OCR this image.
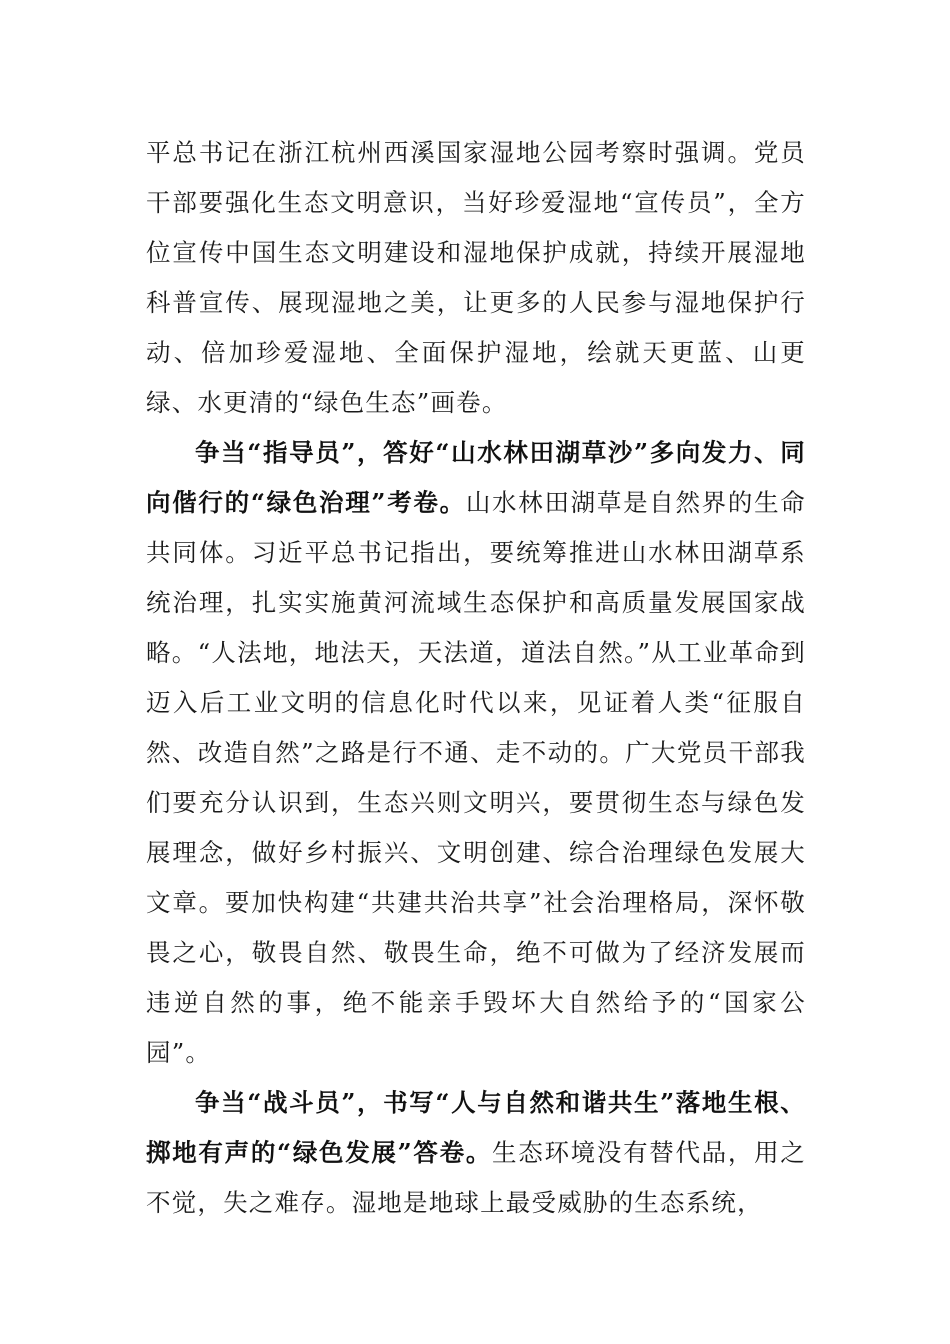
平总书记在浙江杭州西溪国家湿地公园考察时强调。党员干部要强化生态文明意识，当好珍爱湿地“宣传员”，全方位宣传中国生态文明建设和湿地保护成就，持续开展湿地科普宣传、展现湿地之美，让更多的人民参与湿地保护行动、倍加珍爱湿地、全面保护湿地，绘就天更蓝、山更绿、水更清的“绿色生态”画卷。

争当“指导员”，答好“山水林田湖草沙”多向发力、同向偕行的“绿色治理”考卷。山水林田湖草是自然界的生命共同体。习近平总书记指出，要统筹推进山水林田湖草系统治理，扎实实施黄河流域生态保护和高质量发展国家战略。“人法地，地法天，天法道，道法自然。”从工业革命到迈入后工业文明的信息化时代以来，见证着人类“征服自然、改造自然”之路是行不通、走不动的。广大党员干部我们要充分认识到，生态兴则文明兴，要贯彻生态与绿色发展理念，做好乡村振兴、文明创建、综合治理绿色发展大文章。要加快构建“共建共治共享”社会治理格局，深怀敬畏之心，敬畏自然、敬畏生命，绝不可做为了经济发展而违逆自然的事，绝不能亲手毁坏大自然给予的“国家公园”。

争当“战斗员”，书写“人与自然和谐共生”落地生根、掷地有声的“绿色发展”答卷。生态环境没有替代品，用之不觉，失之难存。湿地是地球上最受威胁的生态系统，
